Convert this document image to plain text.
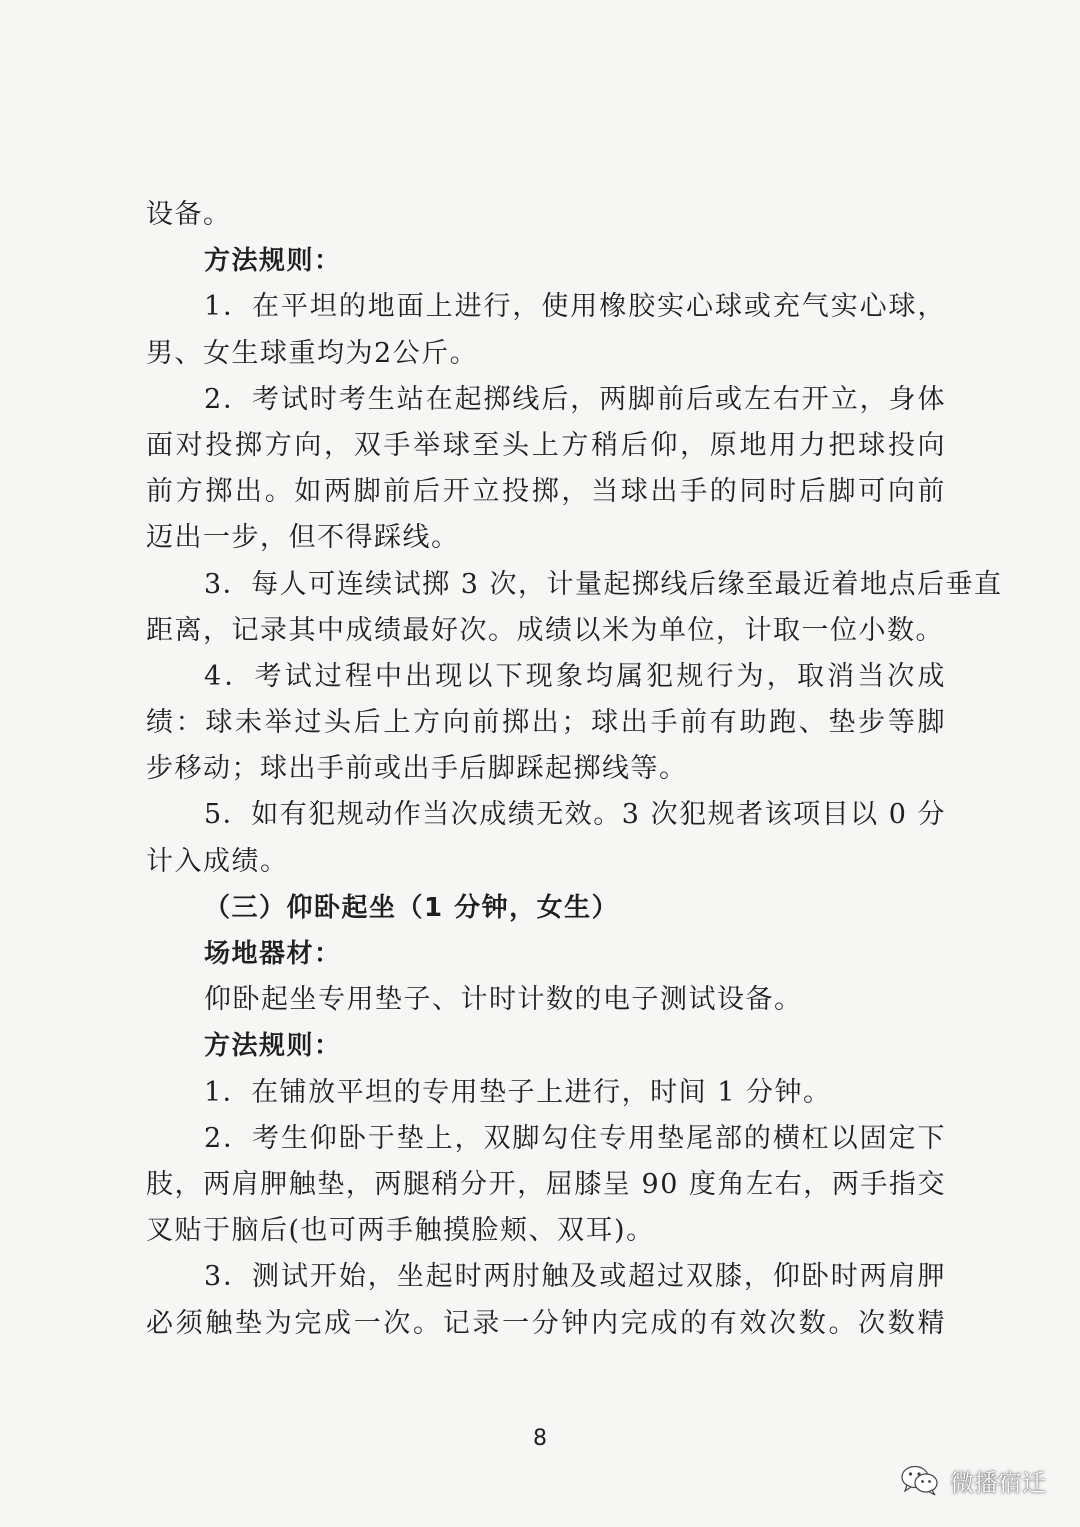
设备。
方法规则：
1．在平坦的地面上进行，使用橡胶实心球或充气实心球，
男、女生球重均为2公斤。
2．考试时考生站在起掷线后，两脚前后或左右开立，身体
面对投掷方向，双手举球至头上方稍后仰，原地用力把球投向
前方掷出。如两脚前后开立投掷，当球出手的同时后脚可向前
迈出一步，但不得踩线。
3．每人可连续试掷 3 次，计量起掷线后缘至最近着地点后垂直
距离，记录其中成绩最好次。成绩以米为单位，计取一位小数。
4．考试过程中出现以下现象均属犯规行为，取消当次成
绩：球未举过头后上方向前掷出；球出手前有助跑、垫步等脚
步移动；球出手前或出手后脚踩起掷线等。
5．如有犯规动作当次成绩无效。3 次犯规者该项目以 0 分
计入成绩。
（三）仰卧起坐（1 分钟，女生）
场地器材：
仰卧起坐专用垫子、计时计数的电子测试设备。
方法规则：
1．在铺放平坦的专用垫子上进行，时间 1 分钟。
2．考生仰卧于垫上，双脚勾住专用垫尾部的横杠以固定下
肢，两肩胛触垫，两腿稍分开，屈膝呈 90 度角左右，两手指交
叉贴于脑后(也可两手触摸脸颊、双耳)。
3．测试开始，坐起时两肘触及或超过双膝，仰卧时两肩胛
必须触垫为完成一次。记录一分钟内完成的有效次数。次数精
8
微播宿迁
